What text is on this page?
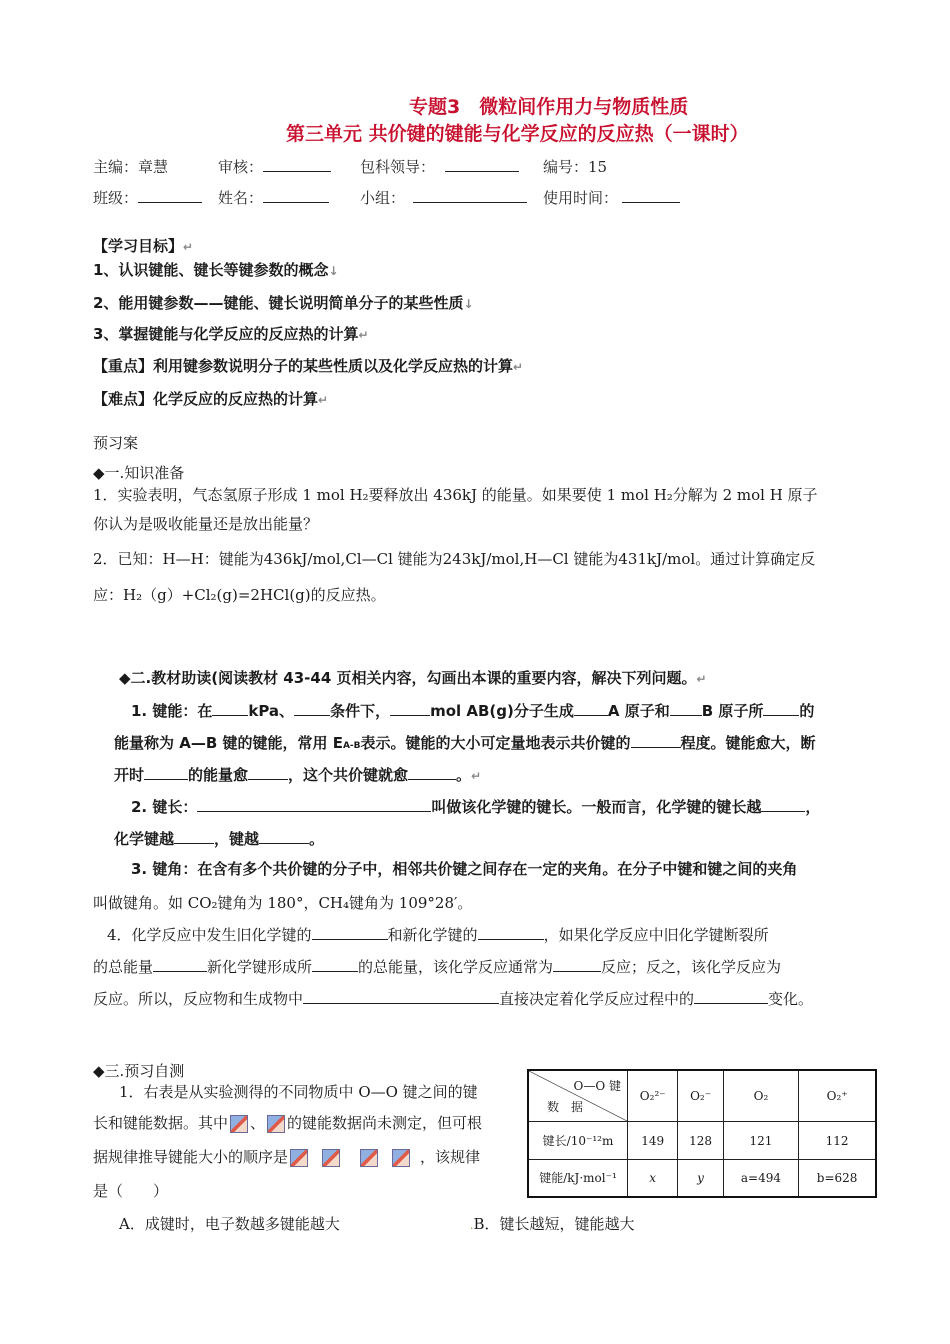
专题3　微粒间作用力与物质性质
第三单元 共价键的键能与化学反应的反应热（一课时）
主编：章慧	审核：	包科领导：	编号：15
班级：	姓名：	小组：	使用时间：
【学习目标】↵
1、认识键能、键长等键参数的概念↓
2、能用键参数——键能、键长说明简单分子的某些性质↓
3、掌握键能与化学反应的反应热的计算↵
【重点】利用键参数说明分子的某些性质以及化学反应热的计算↵
【难点】化学反应的反应热的计算↵
预习案
◆一.知识准备
1．实验表明，气态氢原子形成 1 mol H₂要释放出 436kJ 的能量。如果要使 1 mol H₂分解为 2 mol H 原子
你认为是吸收能量还是放出能量？
2．已知：H—H：键能为436kJ/mol,Cl—Cl 键能为243kJ/mol,H—Cl 键能为431kJ/mol。通过计算确定反
应：H₂（g）+Cl₂(g)=2HCl(g)的反应热。
◆二.教材助读(阅读教材 43-44 页相关内容，勾画出本课的重要内容，解决下列问题。↵
1. 键能：在 kPa、 条件下，	mol AB(g)分子生成 A 原子和 B 原子所 的
能量称为 A—B 键的键能，常用 EA-B表示。键能的大小可定量地表示共价键的	程度。键能愈大，断
开时	的能量愈	，这个共价键就愈	。↵
2. 键长：	叫做该化学键的键长。一般而言，化学键的键长越	，
化学键越	，键越	。
3. 键角：在含有多个共价键的分子中，相邻共价键之间存在一定的夹角。在分子中键和键之间的夹角
叫做键角。如 CO₂键角为 180°，CH₄键角为 109°28′。
4．化学反应中发生旧化学键的	和新化学键的	，如果化学反应中旧化学键断裂所
的总能量	新化学键形成所	的总能量，该化学反应通常为	反应；反之，该化学反应为
反应。所以，反应物和生成物中	直接决定着化学反应过程中的	变化。
◆三.预习自测
1．右表是从实验测得的不同物质中 O—O 键之间的键
长和键能数据。其中 、 的键能数据尚未测定，但可根
据规律推导键能大小的顺序是	，该规律
是（　　）
A．成键时，电子数越多键能越大	.B．键长越短，键能越大
O—O 键
数　据	O₂²⁻	O₂⁻	O₂	O₂⁺
键长/10⁻¹²m	149	128	121	112
键能/kJ·mol⁻¹	x	y	a=494	b=628
